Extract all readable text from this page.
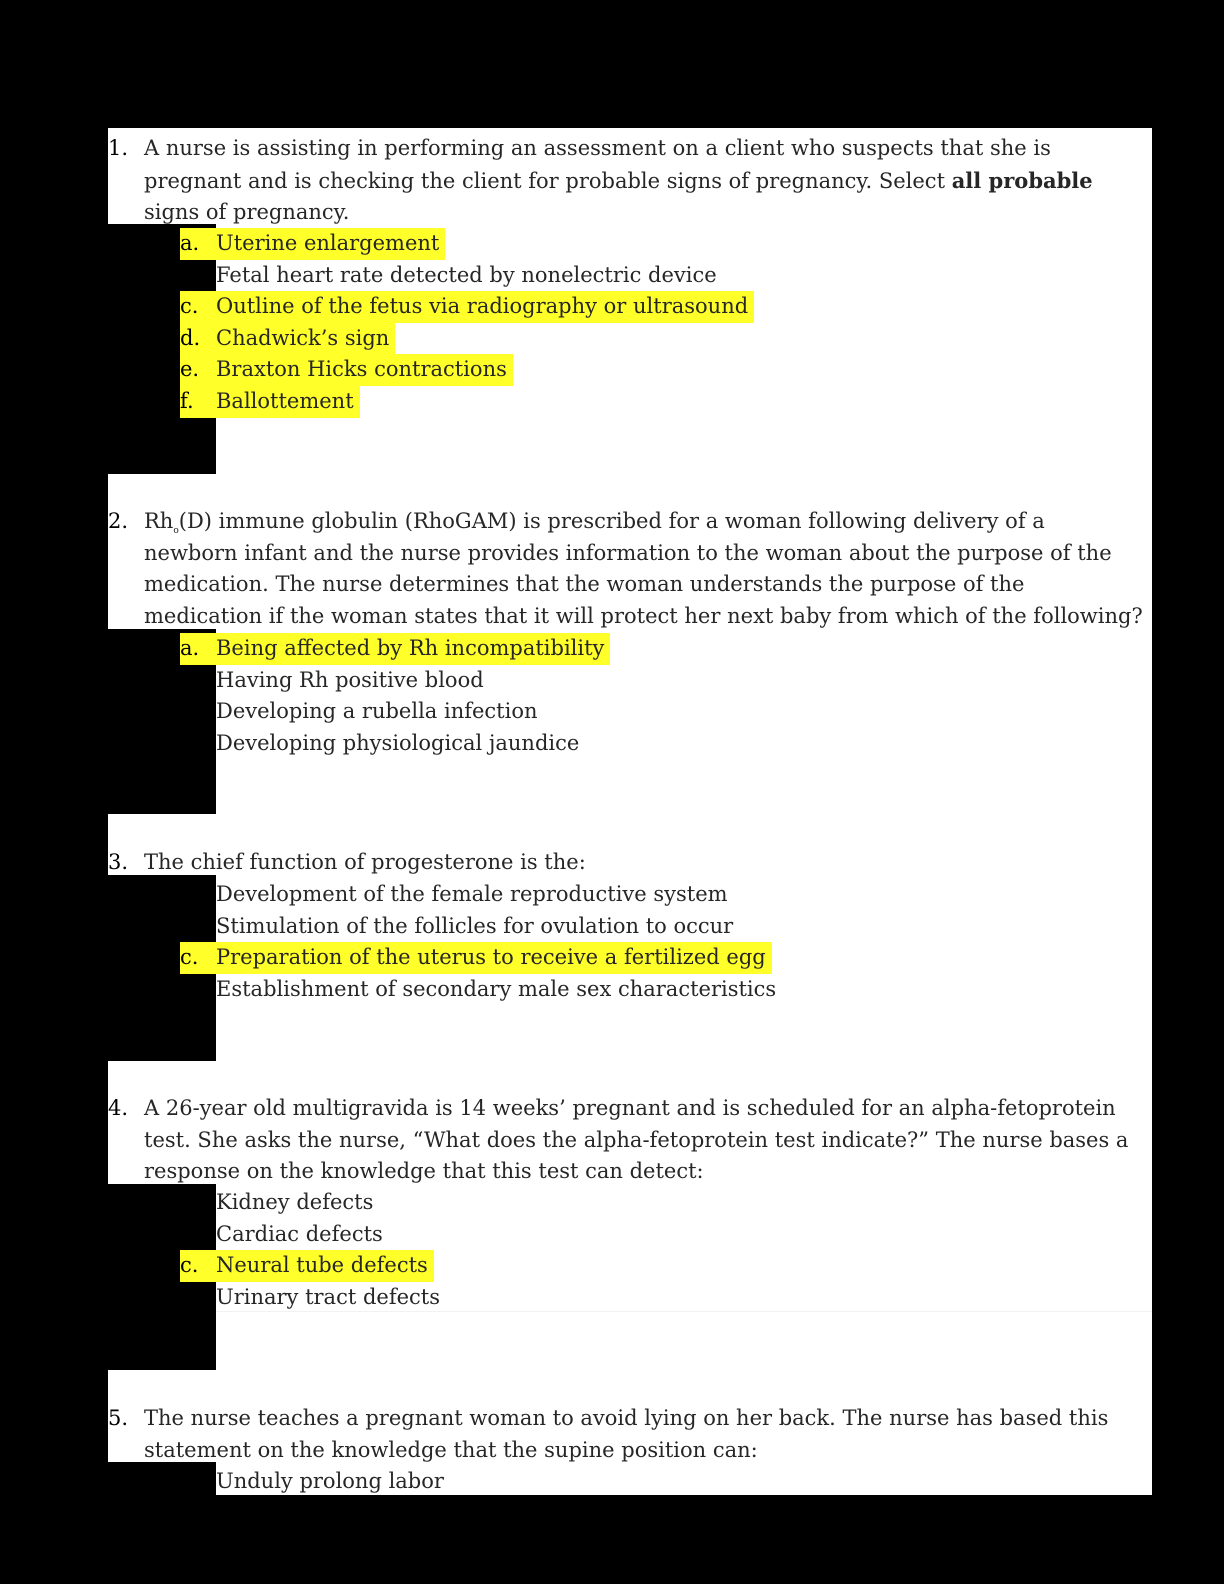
1. A nurse is assisting in performing an assessment on a client who suspects that she is pregnant and is checking the client for probable signs of pregnancy. Select all probable signs of pregnancy.
a. Uterine enlargement
b. Fetal heart rate detected by nonelectric device
c. Outline of the fetus via radiography or ultrasound
d. Chadwick’s sign
e. Braxton Hicks contractions
f. Ballottement
2. $Rh_o(D)$ immune globulin (RhoGAM) is prescribed for a woman following delivery of a newborn infant and the nurse provides information to the woman about the purpose of the medication. The nurse determines that the woman understands the purpose of the medication if the woman states that it will protect her next baby from which of the following?
a. Being affected by Rh incompatibility
b. Having Rh positive blood
c. Developing a rubella infection
d. Developing physiological jaundice
3. The chief function of progesterone is the:
a. Development of the female reproductive system
b. Stimulation of the follicles for ovulation to occur
c. Preparation of the uterus to receive a fertilized egg
d. Establishment of secondary male sex characteristics
4. A 26-year old multigravida is 14 weeks’ pregnant and is scheduled for an alpha-fetoprotein test. She asks the nurse, “What does the alpha-fetoprotein test indicate?” The nurse bases a response on the knowledge that this test can detect:
a. Kidney defects
b. Cardiac defects
c. Neural tube defects
d. Urinary tract defects
5. The nurse teaches a pregnant woman to avoid lying on her back. The nurse has based this statement on the knowledge that the supine position can:
a. Unduly prolong labor
